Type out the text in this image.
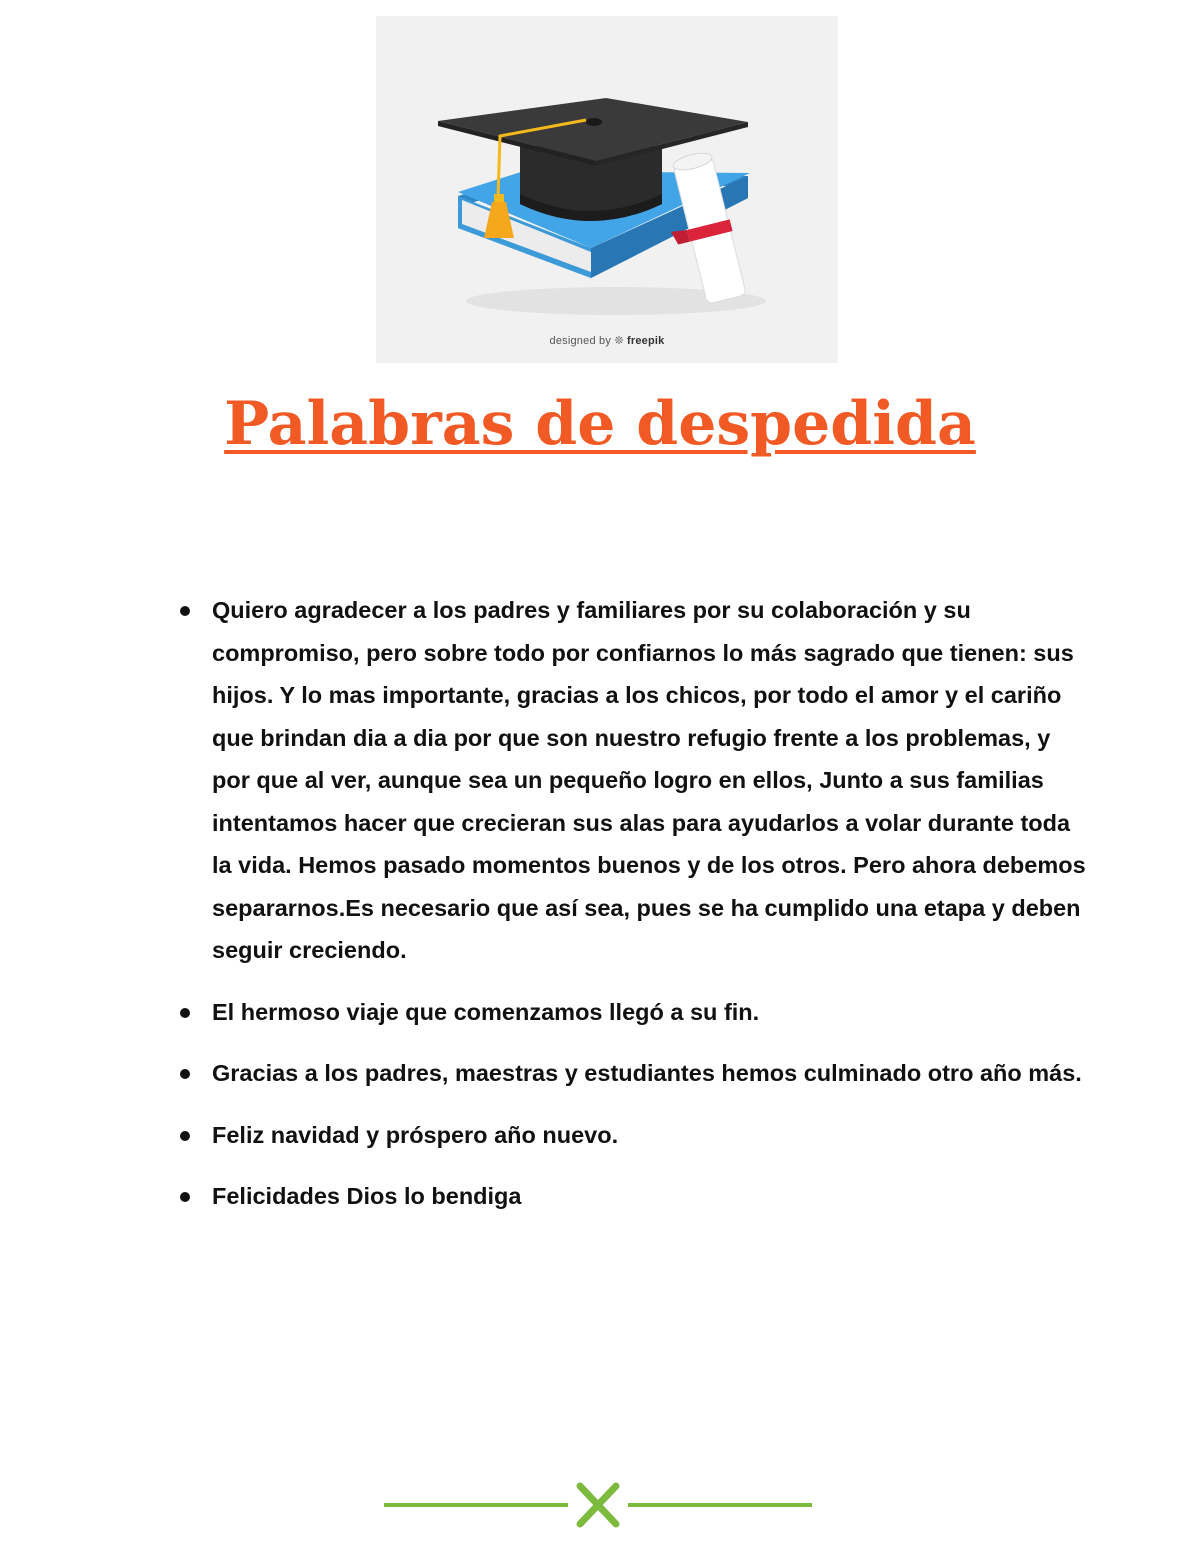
designed by ❊ freepik
Palabras de despedida
Quiero agradecer a los padres y familiares por su colaboración y su compromiso, pero sobre todo por confiarnos lo más sagrado que tienen: sus hijos. Y lo mas importante, gracias a los chicos, por todo el amor y el cariño que brindan dia a dia por que son nuestro refugio frente a los problemas, y por que al ver, aunque sea un pequeño logro en ellos, Junto a sus familias intentamos hacer que crecieran sus alas para ayudarlos a volar durante toda la vida. Hemos pasado momentos buenos y de los otros. Pero ahora debemos separarnos.Es necesario que así sea, pues se ha cumplido una etapa y deben seguir creciendo.
El hermoso viaje que comenzamos llegó a su fin.
Gracias a los padres, maestras y estudiantes hemos culminado otro año más.
Feliz navidad y próspero año nuevo.
Felicidades Dios lo bendiga
